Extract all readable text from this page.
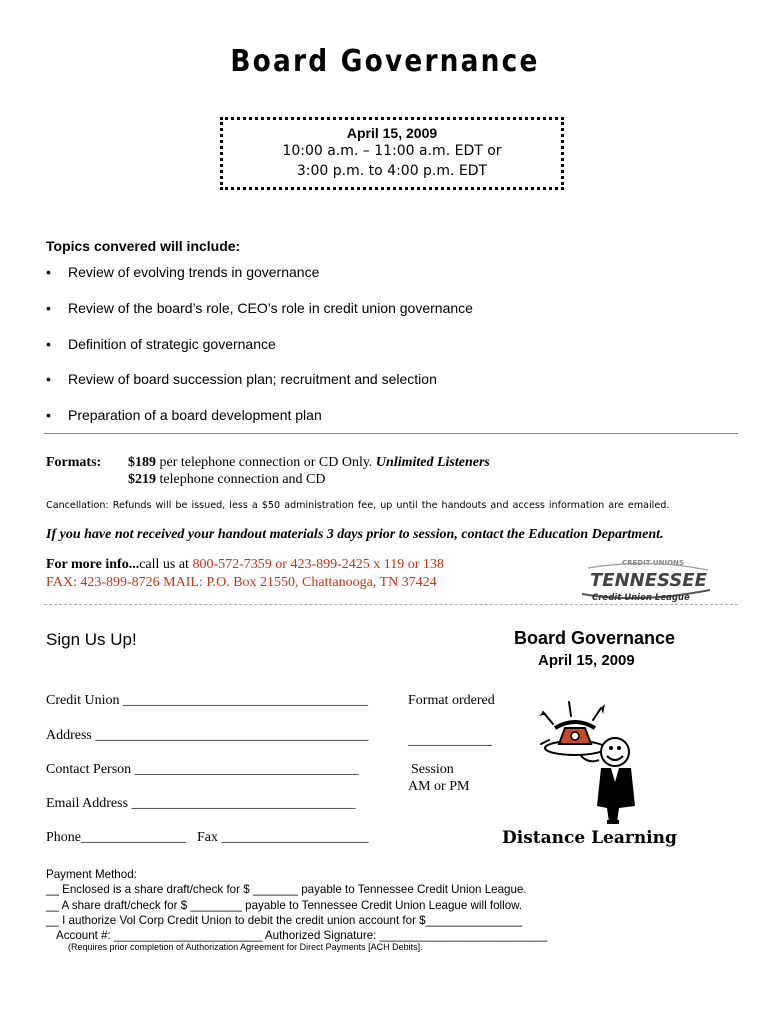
Board Governance
April 15, 2009
10:00 a.m. – 11:00 a.m. EDT or
3:00 p.m. to 4:00 p.m. EDT
Topics convered will include:
• Review of evolving trends in governance
• Review of the board’s role, CEO’s role in credit union governance
• Definition of strategic governance
• Review of board succession plan; recruitment and selection
• Preparation of a board development plan
Formats: $189 per telephone connection or CD Only. Unlimited Listeners
$219 telephone connection and CD
Cancellation: Refunds will be issued, less a $50 administration fee, up until the handouts and access information are emailed.
If you have not received your handout materials 3 days prior to session, contact the Education Department.
For more info...call us at 800-572-7359 or 423-899-2425 x 119 or 138
FAX: 423-899-8726 MAIL: P.O. Box 21550, Chattanooga, TN 37424
CREDIT UNIONS
TENNESSEE
Credit Union League
Sign Us Up!	Board Governance
April 15, 2009
Credit Union ___________________________________
Address _______________________________________
Contact Person ________________________________
Email Address ________________________________
Phone_______________ Fax _____________________
Format ordered
____________
Session
AM or PM
Distance Learning
Payment Method:
__ Enclosed is a share draft/check for $ _______ payable to Tennessee Credit Union League.
__ A share draft/check for $ ________ payable to Tennessee Credit Union League will follow.
__ I authorize Vol Corp Credit Union to debit the credit union account for $_______________
Account #: _______________________ Authorized Signature: __________________________
(Requires prior completion of Authorization Agreement for Direct Payments [ACH Debits].
